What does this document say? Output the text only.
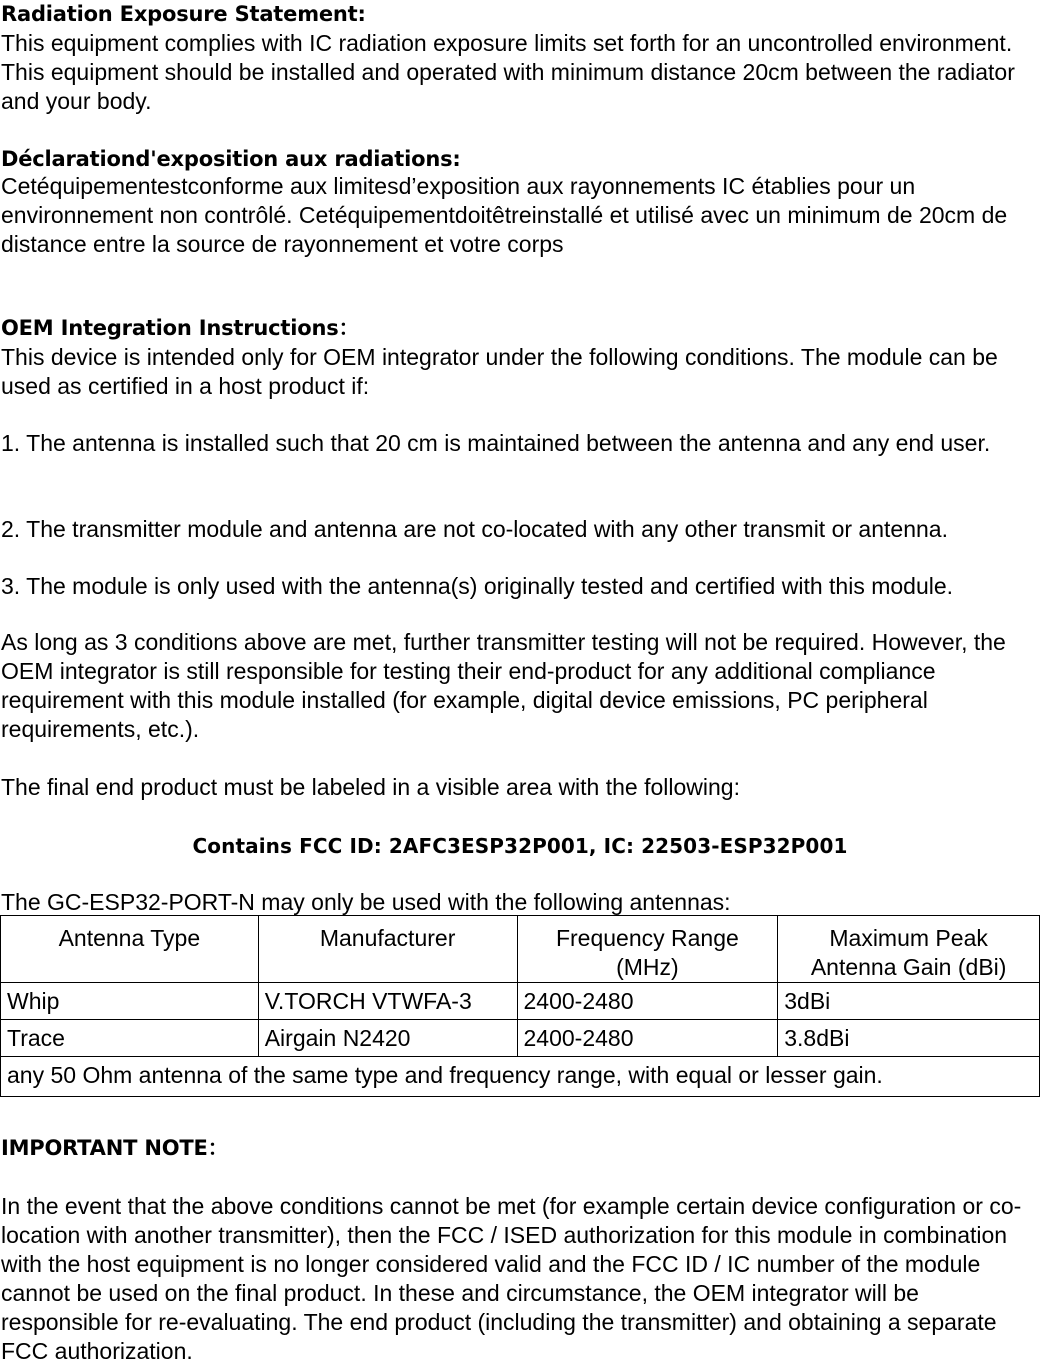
Radiation Exposure Statement:
This equipment complies with IC radiation exposure limits set forth for an uncontrolled environment. This equipment should be installed and operated with minimum distance 20cm between the radiator and your body.
Déclarationd'exposition aux radiations:
Cetéquipementestconforme aux limitesd’exposition aux rayonnements IC établies pour un environnement non contrôlé. Cetéquipementdoitêtreinstallé et utilisé avec un minimum de 20cm de distance entre la source de rayonnement et votre corps
OEM Integration Instructions：
This device is intended only for OEM integrator under the following conditions. The module can be used as certified in a host product if:
1. The antenna is installed such that 20 cm is maintained between the antenna and any end user.
2. The transmitter module and antenna are not co-located with any other transmit or antenna.
3. The module is only used with the antenna(s) originally tested and certified with this module.
As long as 3 conditions above are met, further transmitter testing will not be required. However, the OEM integrator is still responsible for testing their end-product for any additional compliance requirement with this module installed (for example, digital device emissions, PC peripheral requirements, etc.).
The final end product must be labeled in a visible area with the following:
Contains FCC ID: 2AFC3ESP32P001, IC: 22503-ESP32P001
The GC-ESP32-PORT-N may only be used with the following antennas:
Antenna Type	Manufacturer	Frequency Range (MHz)	Maximum Peak Antenna Gain (dBi)
Whip	V.TORCH VTWFA-3	2400-2480	3dBi
Trace	Airgain N2420	2400-2480	3.8dBi
any 50 Ohm antenna of the same type and frequency range, with equal or lesser gain.			
IMPORTANT NOTE：
In the event that the above conditions cannot be met (for example certain device configuration or co-location with another transmitter), then the FCC / ISED authorization for this module in combination with the host equipment is no longer considered valid and the FCC ID / IC number of the module cannot be used on the final product. In these and circumstance, the OEM integrator will be responsible for re-evaluating. The end product (including the transmitter) and obtaining a separate FCC authorization.
